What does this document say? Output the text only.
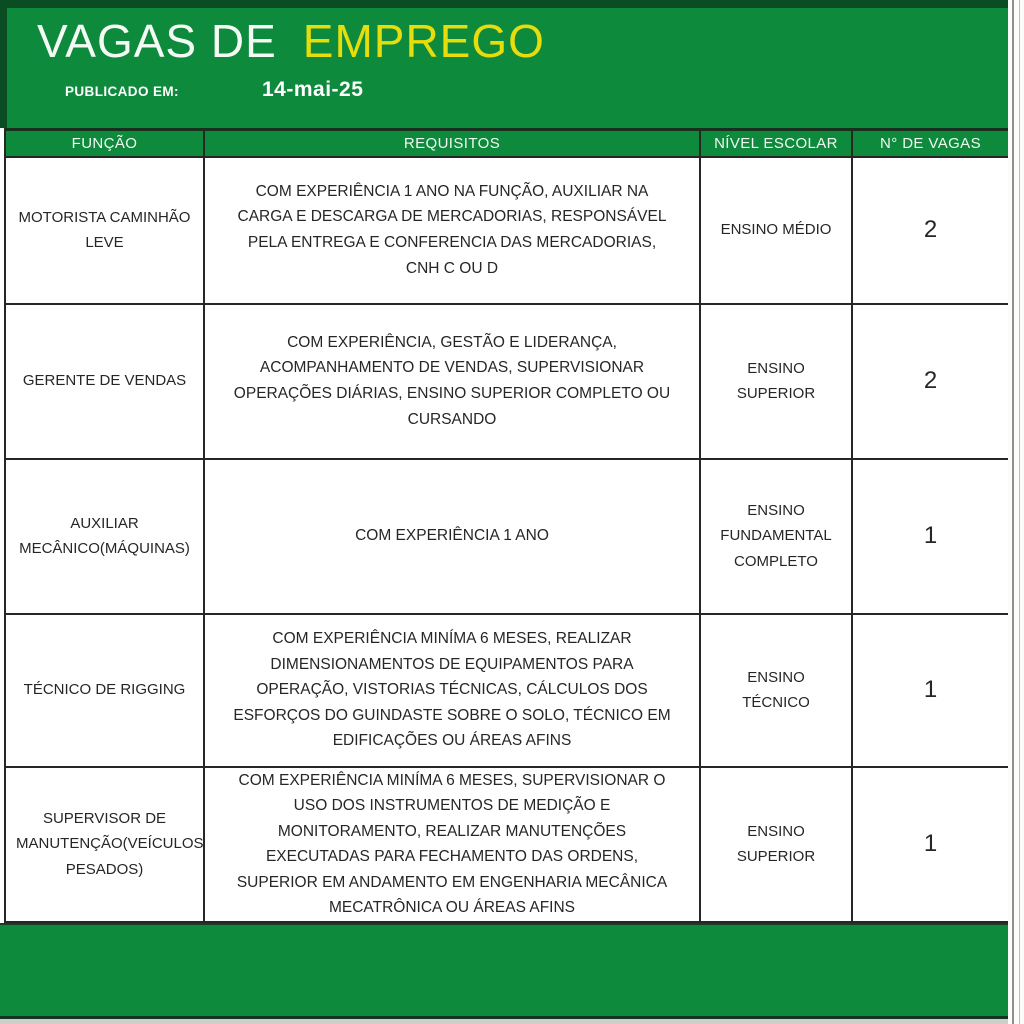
VAGAS DE EMPREGO
PUBLICADO EM:	14-mai-25
FUNÇÃO	REQUISITOS	NÍVEL ESCOLAR	N° DE VAGAS
MOTORISTA CAMINHÃO LEVE	COM EXPERIÊNCIA 1 ANO NA FUNÇÃO, AUXILIAR NA CARGA E DESCARGA DE MERCADORIAS, RESPONSÁVEL PELA ENTREGA E CONFERENCIA DAS MERCADORIAS, CNH C OU D	ENSINO MÉDIO	2
GERENTE DE VENDAS	COM EXPERIÊNCIA, GESTÃO E LIDERANÇA, ACOMPANHAMENTO DE VENDAS, SUPERVISIONAR OPERAÇÕES DIÁRIAS, ENSINO SUPERIOR COMPLETO OU CURSANDO	ENSINO SUPERIOR	2
AUXILIAR MECÂNICO(MÁQUINAS)	COM EXPERIÊNCIA 1 ANO	ENSINO FUNDAMENTAL COMPLETO	1
TÉCNICO DE RIGGING	COM EXPERIÊNCIA MINÍMA 6 MESES, REALIZAR DIMENSIONAMENTOS DE EQUIPAMENTOS PARA OPERAÇÃO, VISTORIAS TÉCNICAS, CÁLCULOS DOS ESFORÇOS DO GUINDASTE SOBRE O SOLO, TÉCNICO EM EDIFICAÇÕES OU ÁREAS AFINS	ENSINO TÉCNICO	1
SUPERVISOR DE MANUTENÇÃO(VEÍCULOS PESADOS)	COM EXPERIÊNCIA MINÍMA 6 MESES, SUPERVISIONAR O USO DOS INSTRUMENTOS DE MEDIÇÃO E MONITORAMENTO, REALIZAR MANUTENÇÕES EXECUTADAS PARA FECHAMENTO DAS ORDENS, SUPERIOR EM ANDAMENTO EM ENGENHARIA MECÂNICA MECATRÔNICA OU ÁREAS AFINS	ENSINO SUPERIOR	1
